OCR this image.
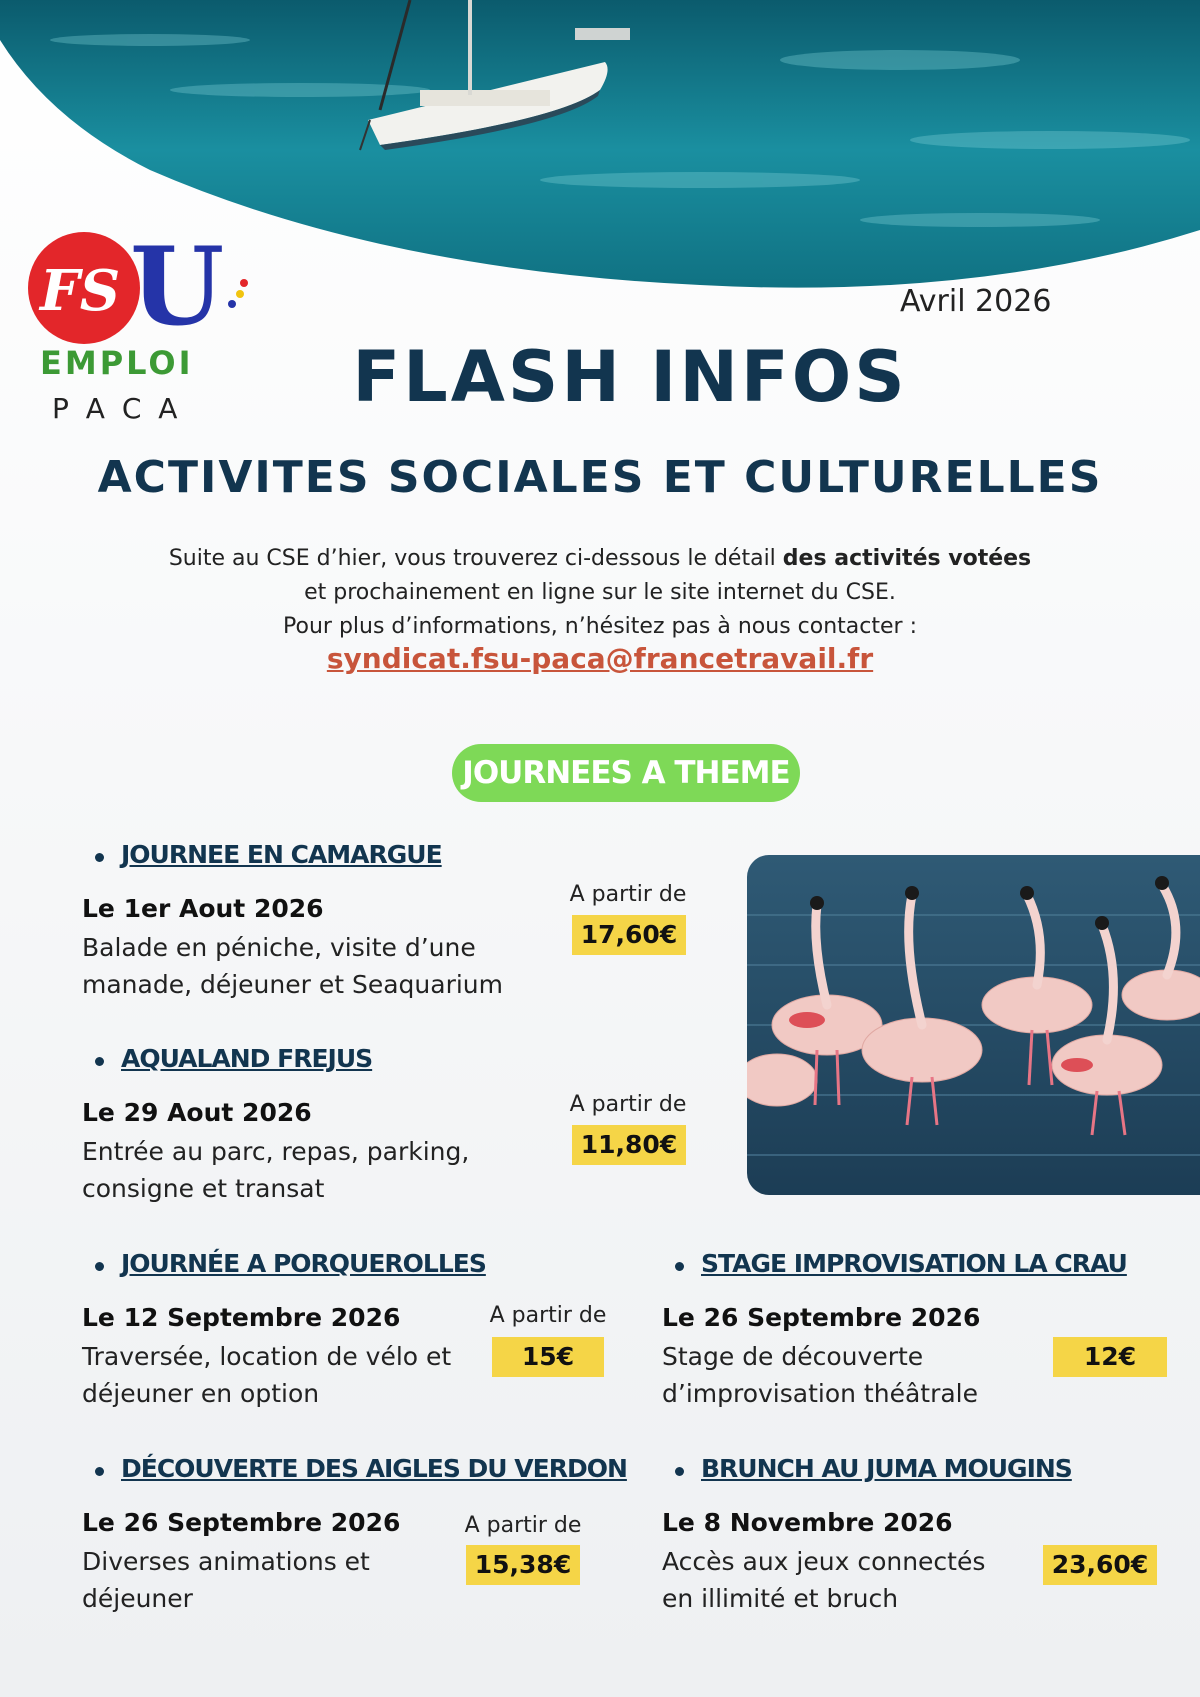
FS U
EMPLOI
P A C A
Avril 2026
FLASH INFOS
ACTIVITES SOCIALES ET CULTURELLES
Suite au CSE d’hier, vous trouverez ci-dessous le détail des activités votées
et prochainement en ligne sur le site internet du CSE.
Pour plus d’informations, n’hésitez pas à nous contacter :
syndicat.fsu-paca@francetravail.fr
JOURNEES A THEME
JOURNEE EN CAMARGUE
Le 1er Aout 2026
Balade en péniche, visite d’une
manade, déjeuner et Seaquarium
A partir de
17,60€
AQUALAND FREJUS
Le 29 Aout 2026
Entrée au parc, repas, parking,
consigne et transat
A partir de
11,80€
JOURNÉE A PORQUEROLLES
Le 12 Septembre 2026
Traversée, location de vélo et
déjeuner en option
A partir de
15€
STAGE IMPROVISATION LA CRAU
Le 26 Septembre 2026
Stage de découverte
d’improvisation théâtrale
12€
DÉCOUVERTE DES AIGLES DU VERDON
Le 26 Septembre 2026
Diverses animations et
déjeuner
A partir de
15,38€
BRUNCH AU JUMA MOUGINS
Le 8 Novembre 2026
Accès aux jeux connectés
en illimité et bruch
23,60€
